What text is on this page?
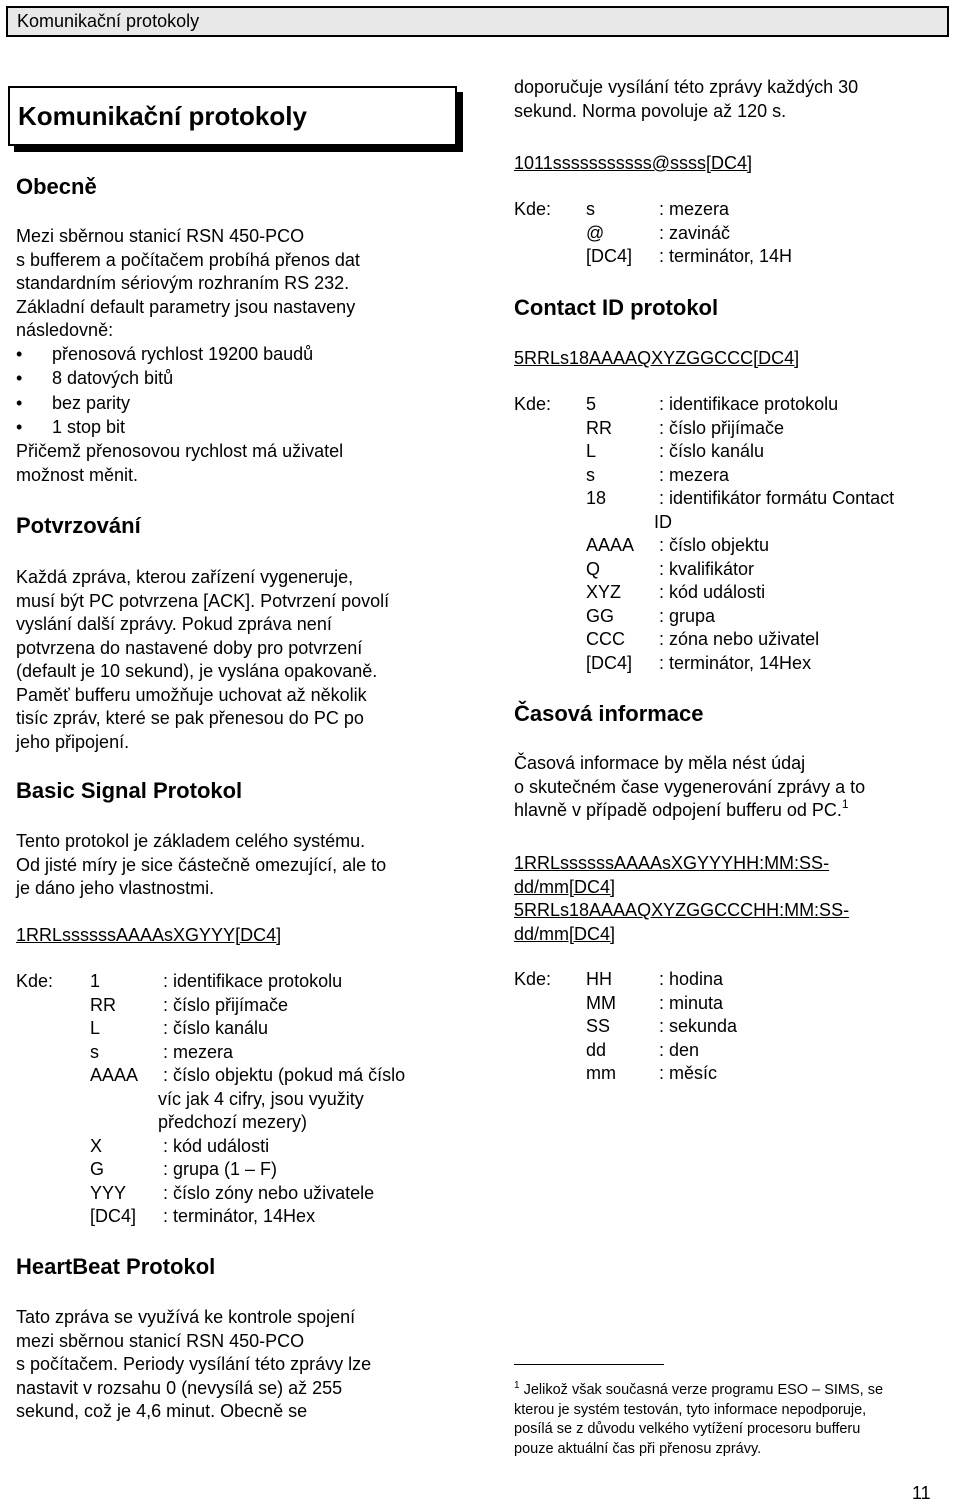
Komunikační protokoly
Komunikační protokoly
Obecně

Mezi sběrnou stanicí RSN 450-PCO
s bufferem a počítačem probíhá přenos dat
standardním sériovým rozhraním RS 232.
Základní default parametry jsou nastaveny
následovně:

• přenosová rychlost 19200 baudů
• 8 datových bitů
• bez parity
• 1 stop bit

Přičemž přenosovou rychlost má uživatel
možnost měnit.

Potvrzování

Každá zpráva, kterou zařízení vygeneruje,
musí být PC potvrzena [ACK]. Potvrzení povolí
vyslání další zprávy. Pokud zpráva není
potvrzena do nastavené doby pro potvrzení
(default je 10 sekund), je vyslána opakovaně.
Paměť bufferu umožňuje uchovat až několik
tisíc zpráv, které se pak přenesou do PC po
jeho připojení.

Basic Signal Protokol

Tento protokol je základem celého systému.
Od jisté míry je sice částečně omezující, ale to
je dáno jeho vlastnostmi.

1RRLssssssAAAAsXGYYY[DC4]

Kde: 1	: identifikace protokolu
RR	: číslo přijímače
L	: číslo kanálu
s	: mezera
AAAA : číslo objektu (pokud má číslo
víc jak 4 cifry, jsou využity
předchozí mezery)
X	: kód události
G	: grupa (1 – F)
YYY : číslo zóny nebo uživatele
[DC4] : terminátor, 14Hex
HeartBeat Protokol

Tato zpráva se využívá ke kontrole spojení
mezi sběrnou stanicí RSN 450-PCO
s počítačem. Periody vysílání této zprávy lze
nastavit v rozsahu 0 (nevysílá se) až 255
sekund, což je 4,6 minut. Obecně se

doporučuje vysílání této zprávy každých 30
sekund. Norma povoluje až 120 s.

1011sssssssssss@ssss[DC4]

Kde: s	: mezera
@	: zavináč
[DC4] : terminátor, 14H
Contact ID protokol

5RRLs18AAAAQXYZGGCCC[DC4]

Kde: 5	: identifikace protokolu
RR	: číslo přijímače
L	: číslo kanálu
s	: mezera
18	: identifikátor formátu Contact
ID
AAAA : číslo objektu
Q	: kvalifikátor
XYZ : kód události
GG : grupa
CCC : zóna nebo uživatel
[DC4] : terminátor, 14Hex
Časová informace

Časová informace by měla nést údaj
o skutečném čase vygenerování zprávy a to
hlavně v případě odpojení bufferu od PC.$^1$

1RRLssssssAAAAsXGYYYHH:MM:SS-
dd/mm[DC4]
5RRLs18AAAAQXYZGGCCCHH:MM:SS-
dd/mm[DC4]

Kde: HH	: hodina
MM : minuta
SS	: sekunda
dd	: den
mm : měsíc
$^1$ Jelikož však současná verze programu ESO – SIMS, se
kterou je systém testován, tyto informace nepodporuje,
posílá se z důvodu velkého vytížení procesoru bufferu
pouze aktuální čas při přenosu zprávy.
11
